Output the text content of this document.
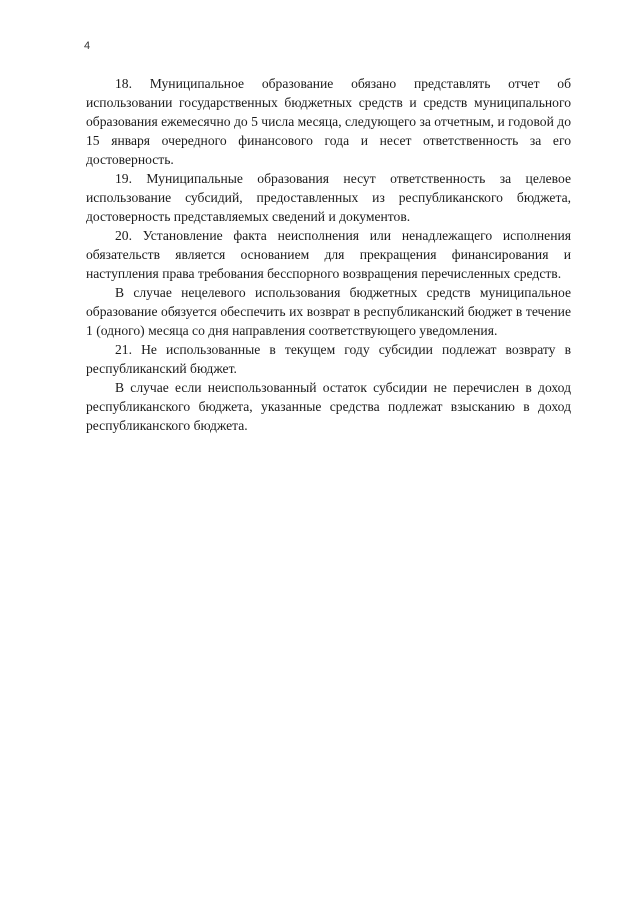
4

18. Муниципальное образование обязано представлять отчет об использовании государственных бюджетных средств и средств муниципального образования ежемесячно до 5 числа месяца, следующего за отчетным, и годовой до 15 января очередного финансового года и несет ответственность за его достоверность.

19. Муниципальные образования несут ответственность за целевое использование субсидий, предоставленных из республиканского бюджета, достоверность представляемых сведений и документов.

20. Установление факта неисполнения или ненадлежащего исполнения обязательств является основанием для прекращения финансирования и наступления права требования бесспорного возвращения перечисленных средств.

В случае нецелевого использования бюджетных средств муниципальное образование обязуется обеспечить их возврат в республиканский бюджет в течение 1 (одного) месяца со дня направления соответствующего уведомления.

21. Не использованные в текущем году субсидии подлежат возврату в республиканский бюджет.

В случае если неиспользованный остаток субсидии не перечислен в доход республиканского бюджета, указанные средства подлежат взысканию в доход республиканского бюджета.
